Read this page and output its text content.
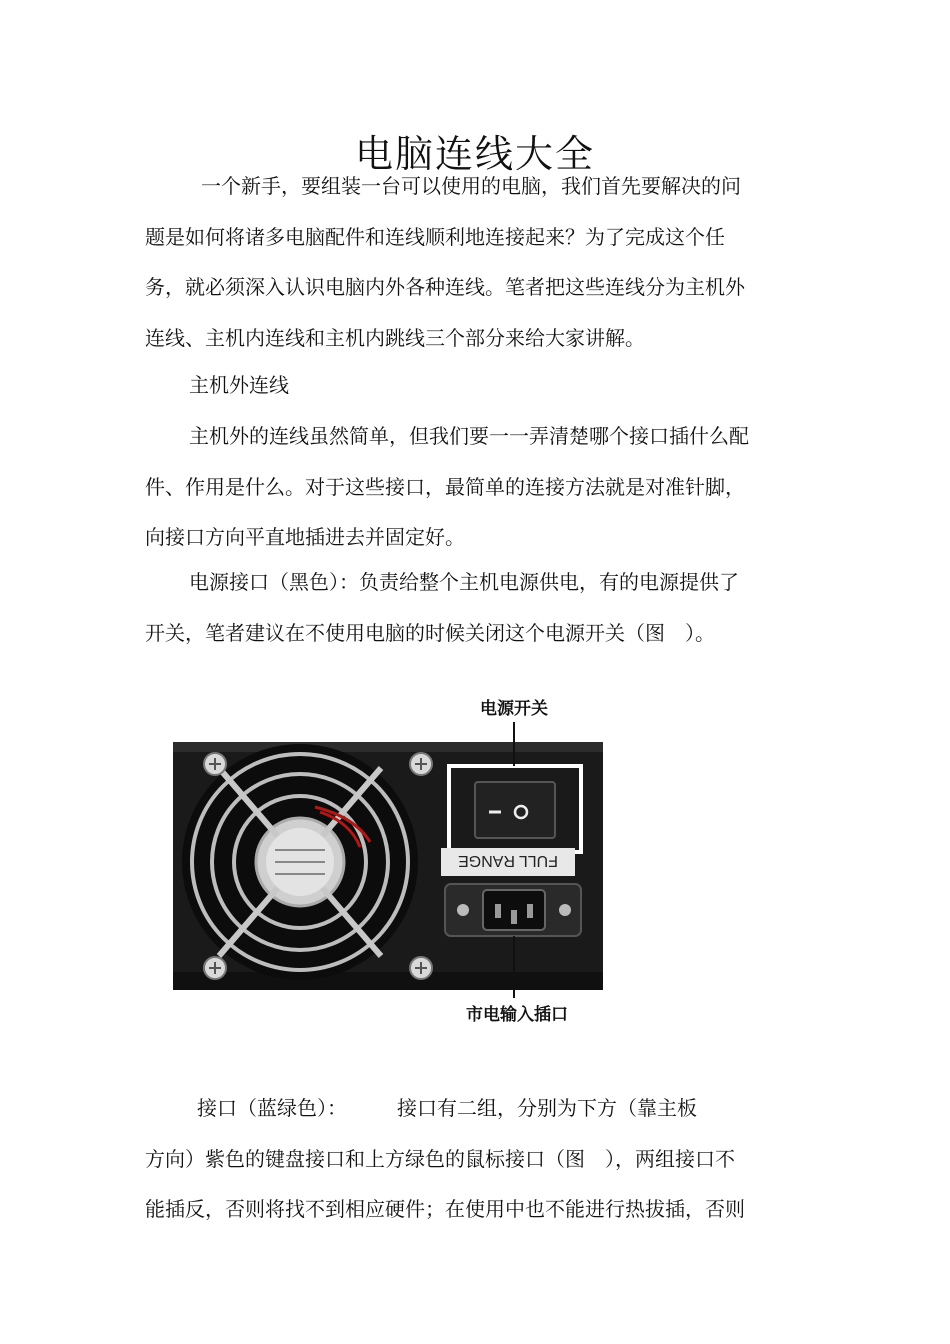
电脑连线大全

一个新手，要组装一台可以使用的电脑，我们首先要解决的问
题是如何将诸多电脑配件和连线顺利地连接起来？为了完成这个任
务，就必须深入认识电脑内外各种连线。笔者把这些连线分为主机外
连线、主机内连线和主机内跳线三个部分来给大家讲解。

主机外连线

主机外的连线虽然简单，但我们要一一弄清楚哪个接口插什么配
件、作用是什么。对于这些接口，最简单的连接方法就是对准针脚，
向接口方向平直地插进去并固定好。

电源接口（黑色）：负责给整个主机电源供电，有的电源提供了
开关，笔者建议在不使用电脑的时候关闭这个电源开关（图　）。

FULL RANGE
电源开关
市电输入插口

接口（蓝绿色）：　　　接口有二组，分别为下方（靠主板
方向）紫色的键盘接口和上方绿色的鼠标接口（图　），两组接口不
能插反，否则将找不到相应硬件；在使用中也不能进行热拔插，否则
